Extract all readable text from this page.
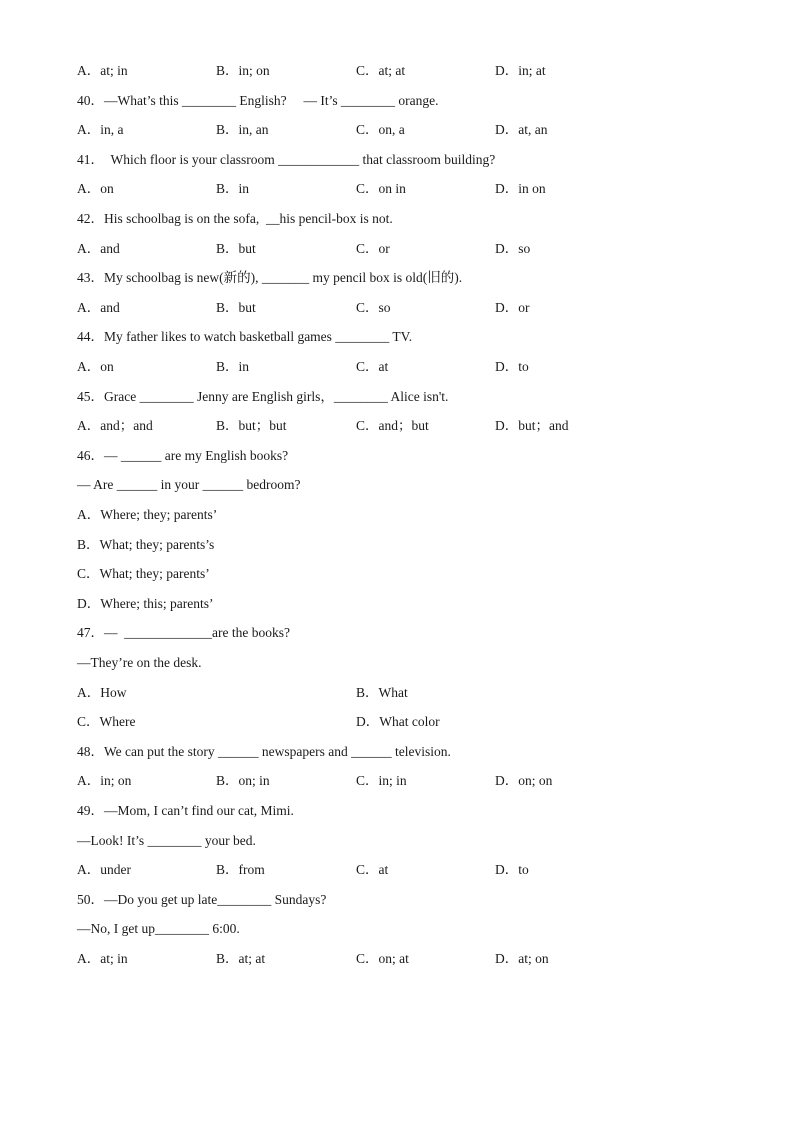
A．at; in	B．in; on	C．at; at	D．in; at
40．—What’s this ________ English?     — It’s ________ orange.
A．in, a	B．in, an	C．on, a	D．at, an
41．  Which floor is your classroom ____________ that classroom building?
A．on	B．in	C．on in	D．in on
42．His schoolbag is on the sofa,  __his pencil-box is not.
A．and	B．but	C．or	D．so
43．My schoolbag is new(新的), _______ my pencil box is old(旧的).
A．and	B．but	C．so	D．or
44．My father likes to watch basketball games ________ TV.
A．on	B．in	C．at	D．to
45．Grace ________ Jenny are English girls，________ Alice isn't.
A．and；and	B．but；but	C．and；but	D．but；and
46．— ______ are my English books?
— Are ______ in your ______ bedroom?
A．Where; they; parents’
B．What; they; parents’s
C．What; they; parents’
D．Where; this; parents’
47．—  _____________are the books?
—They’re on the desk.
A．How	B．What
C．Where	D．What color
48．We can put the story ______ newspapers and ______ television.
A．in; on	B．on; in	C．in; in	D．on; on
49．—Mom, I can’t find our cat, Mimi.
—Look! It’s ________ your bed.
A．under	B．from	C．at	D．to
50．—Do you get up late________ Sundays?
—No, I get up________ 6:00.
A．at; in	B．at; at	C．on; at	D．at; on
